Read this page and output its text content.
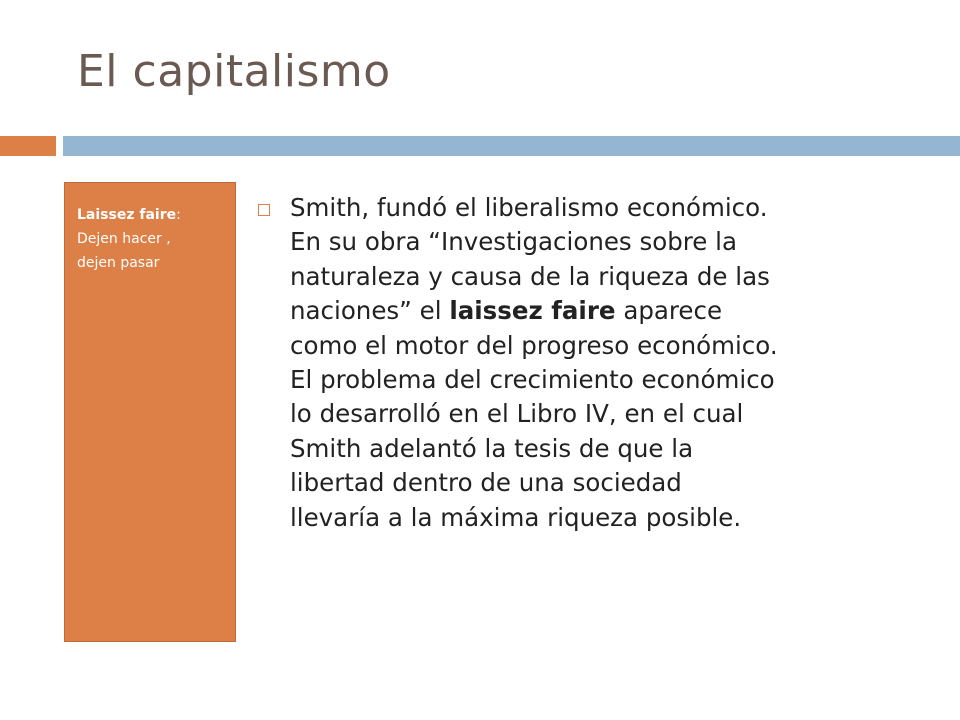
El capitalismo
Laissez faire:
Dejen hacer ,
dejen pasar
Smith, fundó el liberalismo económico.
En su obra “Investigaciones sobre la
naturaleza y causa de la riqueza de las
naciones” el laissez faire aparece
como el motor del progreso económico.
El problema del crecimiento económico
lo desarrolló en el Libro IV, en el cual
Smith adelantó la tesis de que la
libertad dentro de una sociedad
llevaría a la máxima riqueza posible.
